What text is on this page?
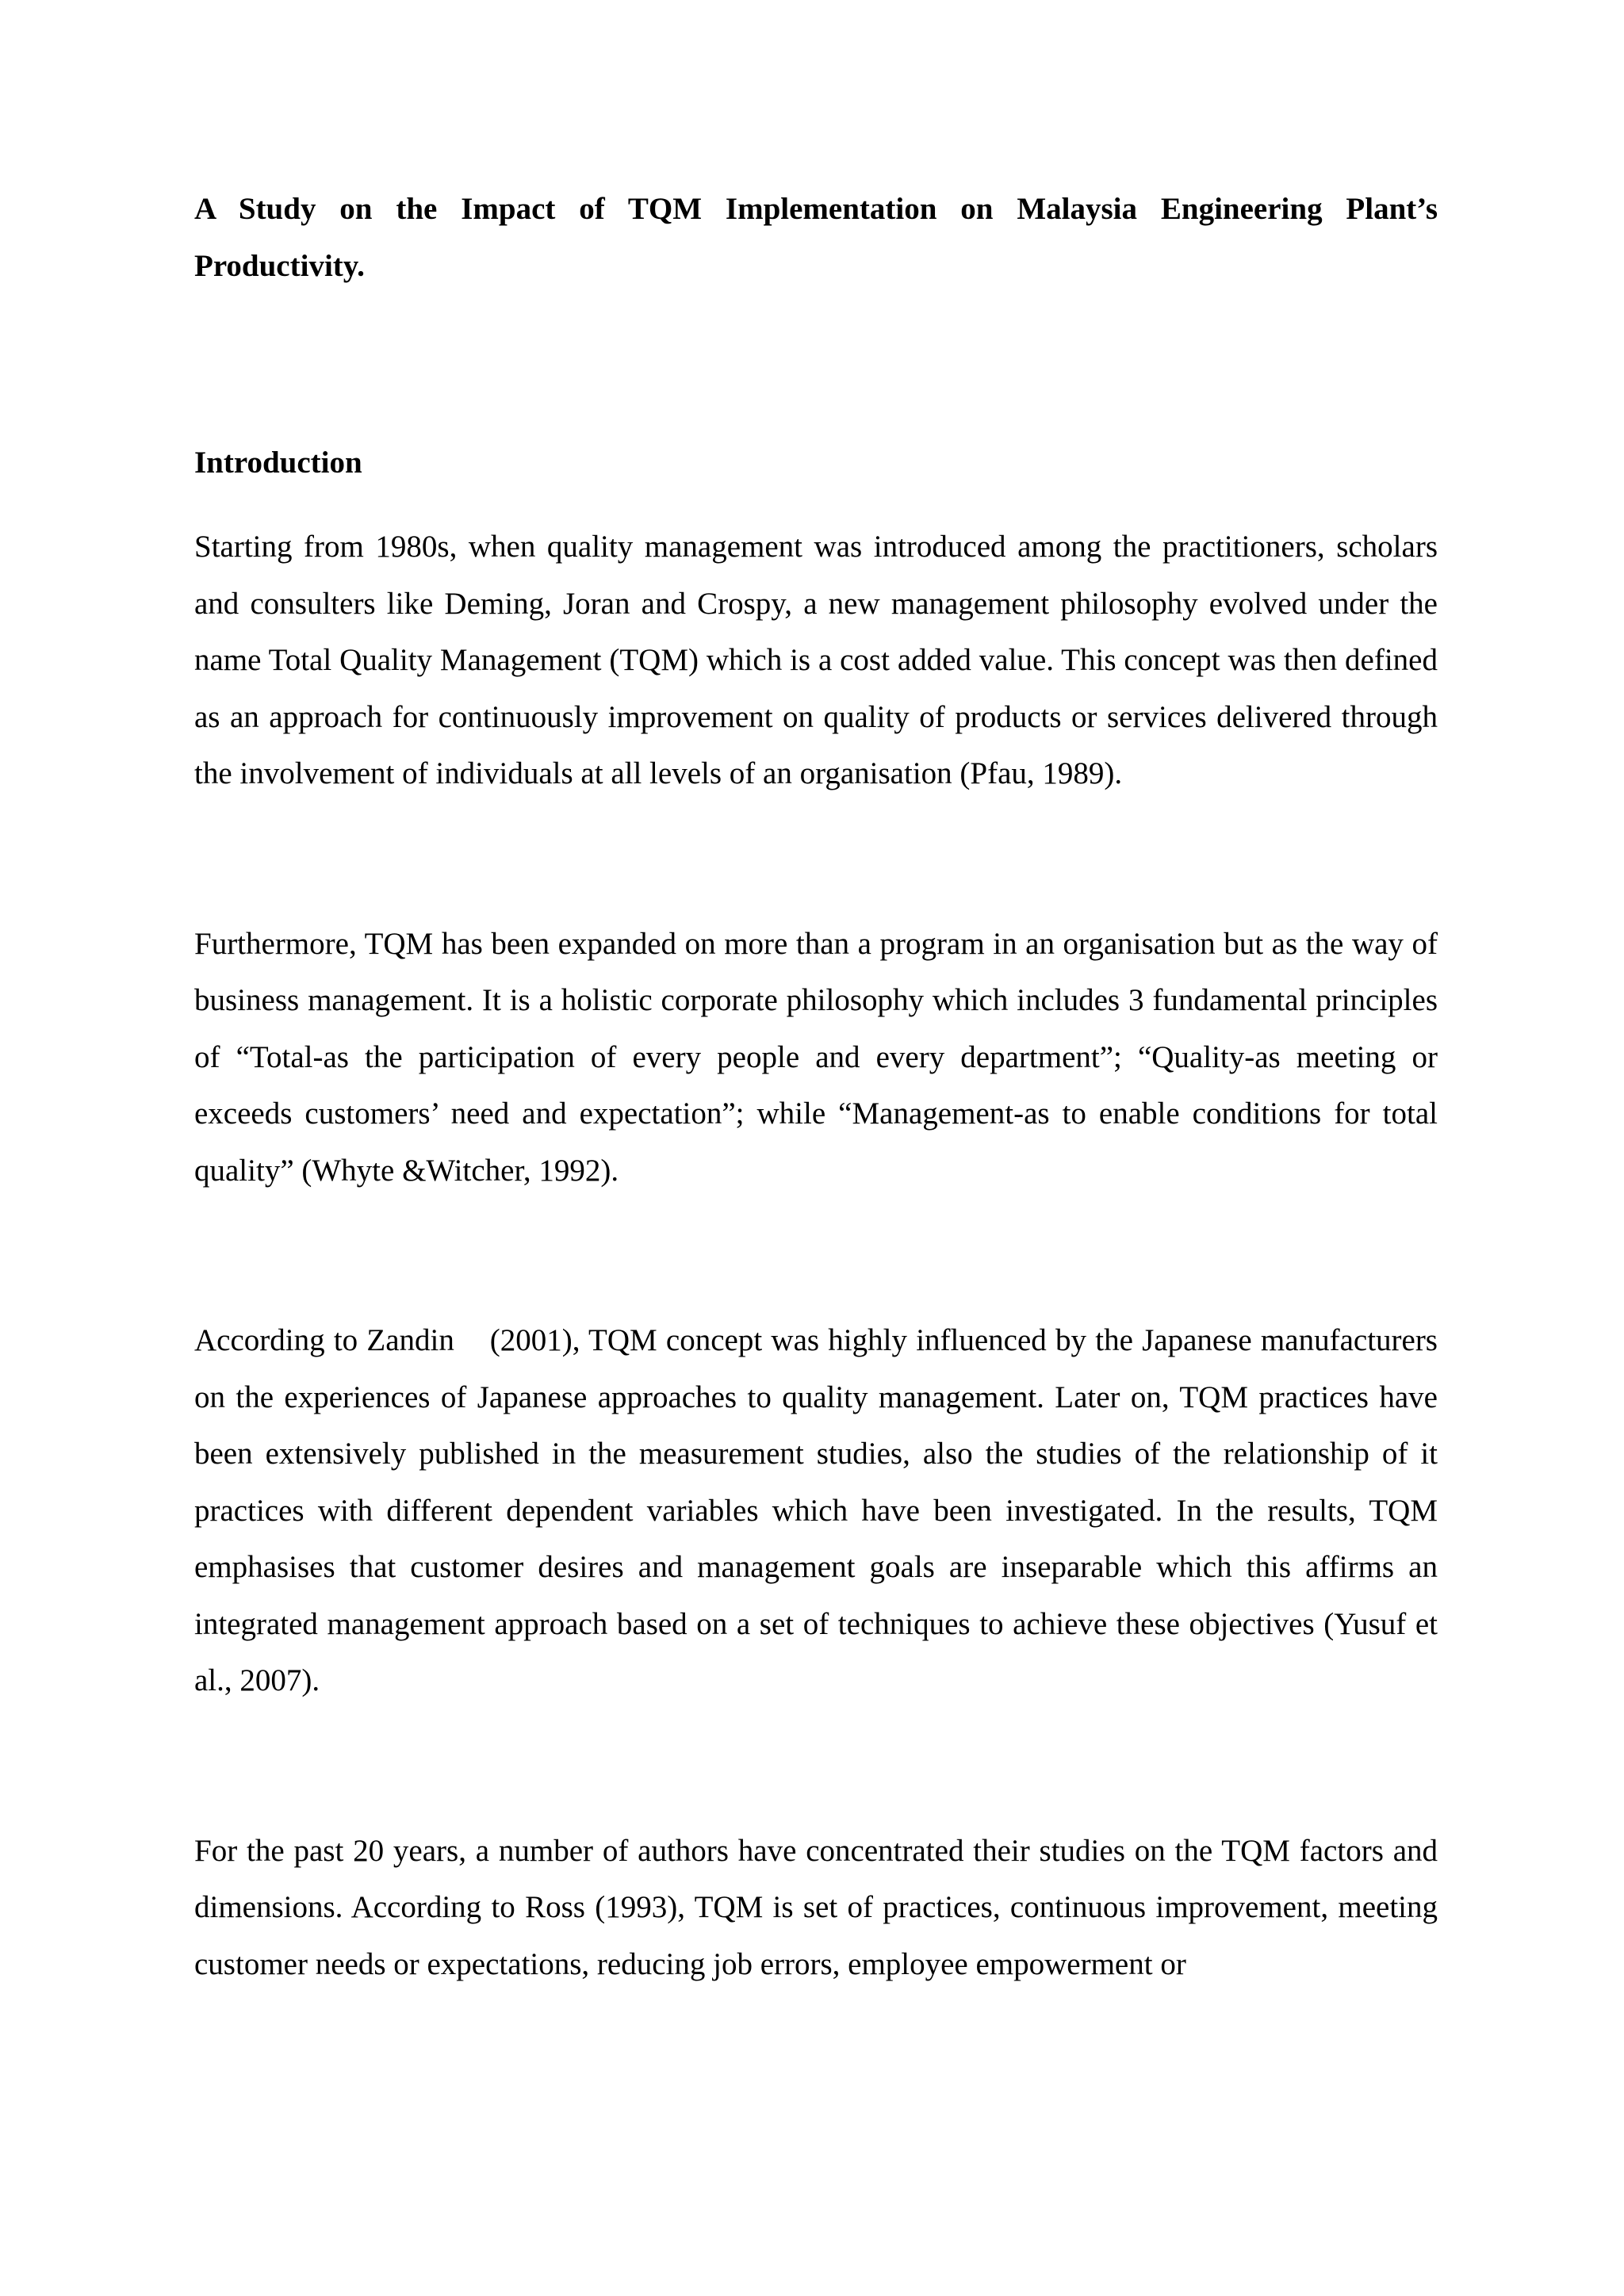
A Study on the Impact of TQM Implementation on Malaysia Engineering Plant’s Productivity.

Introduction

Starting from 1980s, when quality management was introduced among the practitioners, scholars and consulters like Deming, Joran and Crospy, a new management philosophy evolved under the name Total Quality Management (TQM) which is a cost added value. This concept was then defined as an approach for continuously improvement on quality of products or services delivered through the involvement of individuals at all levels of an organisation (Pfau, 1989).

Furthermore, TQM has been expanded on more than a program in an organisation but as the way of business management. It is a holistic corporate philosophy which includes 3 fundamental principles of “Total-as the participation of every people and every department”; “Quality-as meeting or exceeds customers’ need and expectation”; while “Management-as to enable conditions for total quality” (Whyte &Witcher, 1992).

According to Zandin    (2001), TQM concept was highly influenced by the Japanese manufacturers on the experiences of Japanese approaches to quality management. Later on, TQM practices have been extensively published in the measurement studies, also the studies of the relationship of it practices with different dependent variables which have been investigated. In the results, TQM emphasises that customer desires and management goals are inseparable which this affirms an integrated management approach based on a set of techniques to achieve these objectives (Yusuf et al., 2007).

For the past 20 years, a number of authors have concentrated their studies on the TQM factors and dimensions. According to Ross (1993), TQM is set of practices, continuous improvement, meeting customer needs or expectations, reducing job errors, employee empowerment or
